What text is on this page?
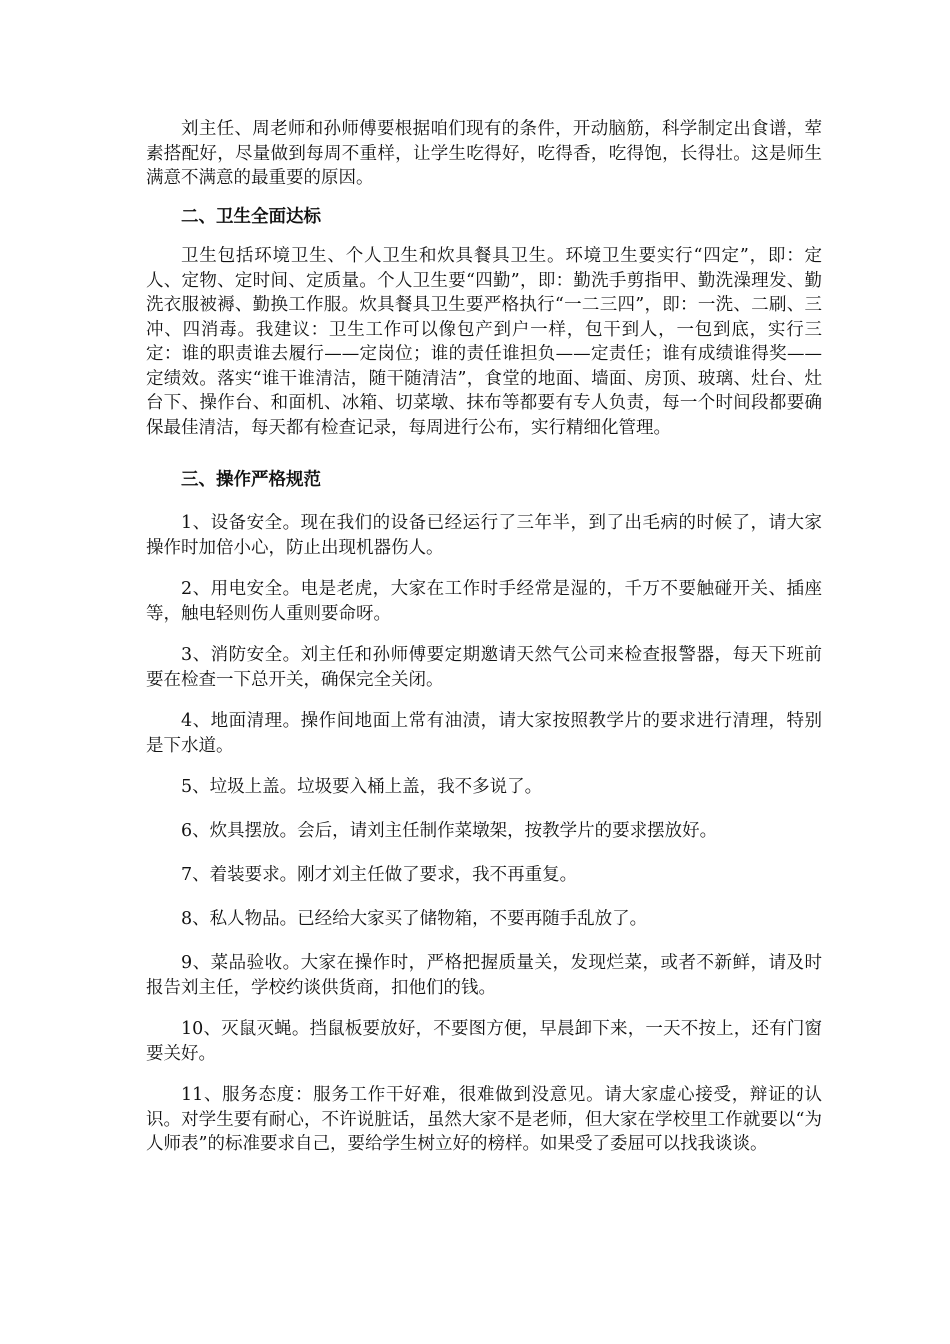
刘主任、周老师和孙师傅要根据咱们现有的条件，开动脑筋，科学制定出食谱，荤素搭配好，尽量做到每周不重样，让学生吃得好，吃得香，吃得饱，长得壮。这是师生满意不满意的最重要的原因。

二、卫生全面达标

卫生包括环境卫生、个人卫生和炊具餐具卫生。环境卫生要实行“四定”，即：定人、定物、定时间、定质量。个人卫生要“四勤”，即：勤洗手剪指甲、勤洗澡理发、勤洗衣服被褥、勤换工作服。炊具餐具卫生要严格执行“一二三四”，即：一洗、二刷、三冲、四消毒。我建议：卫生工作可以像包产到户一样，包干到人，一包到底，实行三定：谁的职责谁去履行——定岗位；谁的责任谁担负——定责任；谁有成绩谁得奖——定绩效。落实“谁干谁清洁，随干随清洁”，食堂的地面、墙面、房顶、玻璃、灶台、灶台下、操作台、和面机、冰箱、切菜墩、抹布等都要有专人负责，每一个时间段都要确保最佳清洁，每天都有检查记录，每周进行公布，实行精细化管理。

三、操作严格规范

1、设备安全。现在我们的设备已经运行了三年半，到了出毛病的时候了，请大家操作时加倍小心，防止出现机器伤人。

2、用电安全。电是老虎，大家在工作时手经常是湿的，千万不要触碰开关、插座等，触电轻则伤人重则要命呀。

3、消防安全。刘主任和孙师傅要定期邀请天然气公司来检查报警器，每天下班前要在检查一下总开关，确保完全关闭。

4、地面清理。操作间地面上常有油渍，请大家按照教学片的要求进行清理，特别是下水道。

5、垃圾上盖。垃圾要入桶上盖，我不多说了。

6、炊具摆放。会后，请刘主任制作菜墩架，按教学片的要求摆放好。

7、着装要求。刚才刘主任做了要求，我不再重复。

8、私人物品。已经给大家买了储物箱，不要再随手乱放了。

9、菜品验收。大家在操作时，严格把握质量关，发现烂菜，或者不新鲜，请及时报告刘主任，学校约谈供货商，扣他们的钱。

10、灭鼠灭蝇。挡鼠板要放好，不要图方便，早晨卸下来，一天不按上，还有门窗要关好。

11、服务态度：服务工作干好难，很难做到没意见。请大家虚心接受，辩证的认识。对学生要有耐心，不许说脏话，虽然大家不是老师，但大家在学校里工作就要以“为人师表”的标准要求自己，要给学生树立好的榜样。如果受了委屈可以找我谈谈。
